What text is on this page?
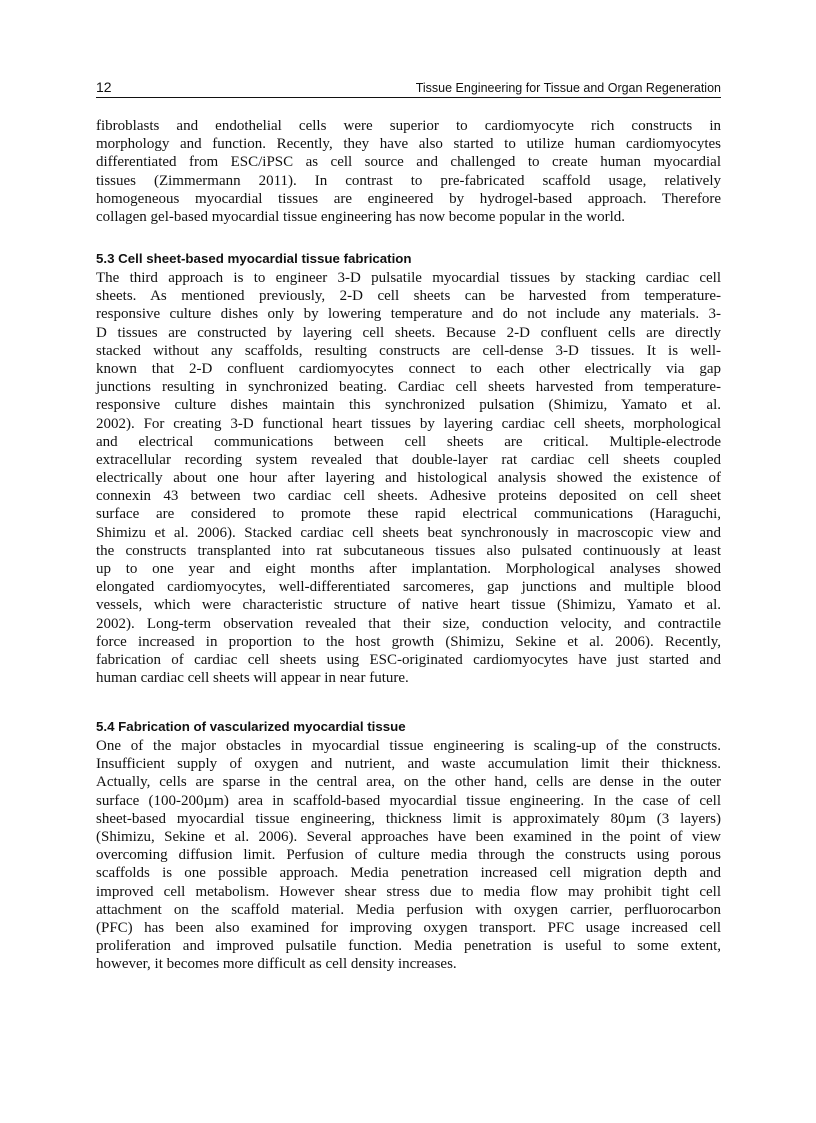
12	Tissue Engineering for Tissue and Organ Regeneration
fibroblasts and endothelial cells were superior to cardiomyocyte rich constructs in
morphology and function. Recently, they have also started to utilize human cardiomyocytes
differentiated from ESC/iPSC as cell source and challenged to create human myocardial
tissues (Zimmermann 2011). In contrast to pre-fabricated scaffold usage, relatively
homogeneous myocardial tissues are engineered by hydrogel-based approach. Therefore
collagen gel-based myocardial tissue engineering has now become popular in the world.
5.3 Cell sheet-based myocardial tissue fabrication
The third approach is to engineer 3-D pulsatile myocardial tissues by stacking cardiac cell
sheets. As mentioned previously, 2-D cell sheets can be harvested from temperature-
responsive culture dishes only by lowering temperature and do not include any materials. 3-
D tissues are constructed by layering cell sheets. Because 2-D confluent cells are directly
stacked without any scaffolds, resulting constructs are cell-dense 3-D tissues. It is well-
known that 2-D confluent cardiomyocytes connect to each other electrically via gap
junctions resulting in synchronized beating. Cardiac cell sheets harvested from temperature-
responsive culture dishes maintain this synchronized pulsation (Shimizu, Yamato et al.
2002). For creating 3-D functional heart tissues by layering cardiac cell sheets, morphological
and electrical communications between cell sheets are critical. Multiple-electrode
extracellular recording system revealed that double-layer rat cardiac cell sheets coupled
electrically about one hour after layering and histological analysis showed the existence of
connexin 43 between two cardiac cell sheets. Adhesive proteins deposited on cell sheet
surface are considered to promote these rapid electrical communications (Haraguchi,
Shimizu et al. 2006). Stacked cardiac cell sheets beat synchronously in macroscopic view and
the constructs transplanted into rat subcutaneous tissues also pulsated continuously at least
up to one year and eight months after implantation. Morphological analyses showed
elongated cardiomyocytes, well-differentiated sarcomeres, gap junctions and multiple blood
vessels, which were characteristic structure of native heart tissue (Shimizu, Yamato et al.
2002). Long-term observation revealed that their size, conduction velocity, and contractile
force increased in proportion to the host growth (Shimizu, Sekine et al. 2006). Recently,
fabrication of cardiac cell sheets using ESC-originated cardiomyocytes have just started and
human cardiac cell sheets will appear in near future.
5.4 Fabrication of vascularized myocardial tissue
One of the major obstacles in myocardial tissue engineering is scaling-up of the constructs.
Insufficient supply of oxygen and nutrient, and waste accumulation limit their thickness.
Actually, cells are sparse in the central area, on the other hand, cells are dense in the outer
surface (100-200µm) area in scaffold-based myocardial tissue engineering. In the case of cell
sheet-based myocardial tissue engineering, thickness limit is approximately 80µm (3 layers)
(Shimizu, Sekine et al. 2006). Several approaches have been examined in the point of view
overcoming diffusion limit. Perfusion of culture media through the constructs using porous
scaffolds is one possible approach. Media penetration increased cell migration depth and
improved cell metabolism. However shear stress due to media flow may prohibit tight cell
attachment on the scaffold material. Media perfusion with oxygen carrier, perfluorocarbon
(PFC) has been also examined for improving oxygen transport. PFC usage increased cell
proliferation and improved pulsatile function. Media penetration is useful to some extent,
however, it becomes more difficult as cell density increases.
